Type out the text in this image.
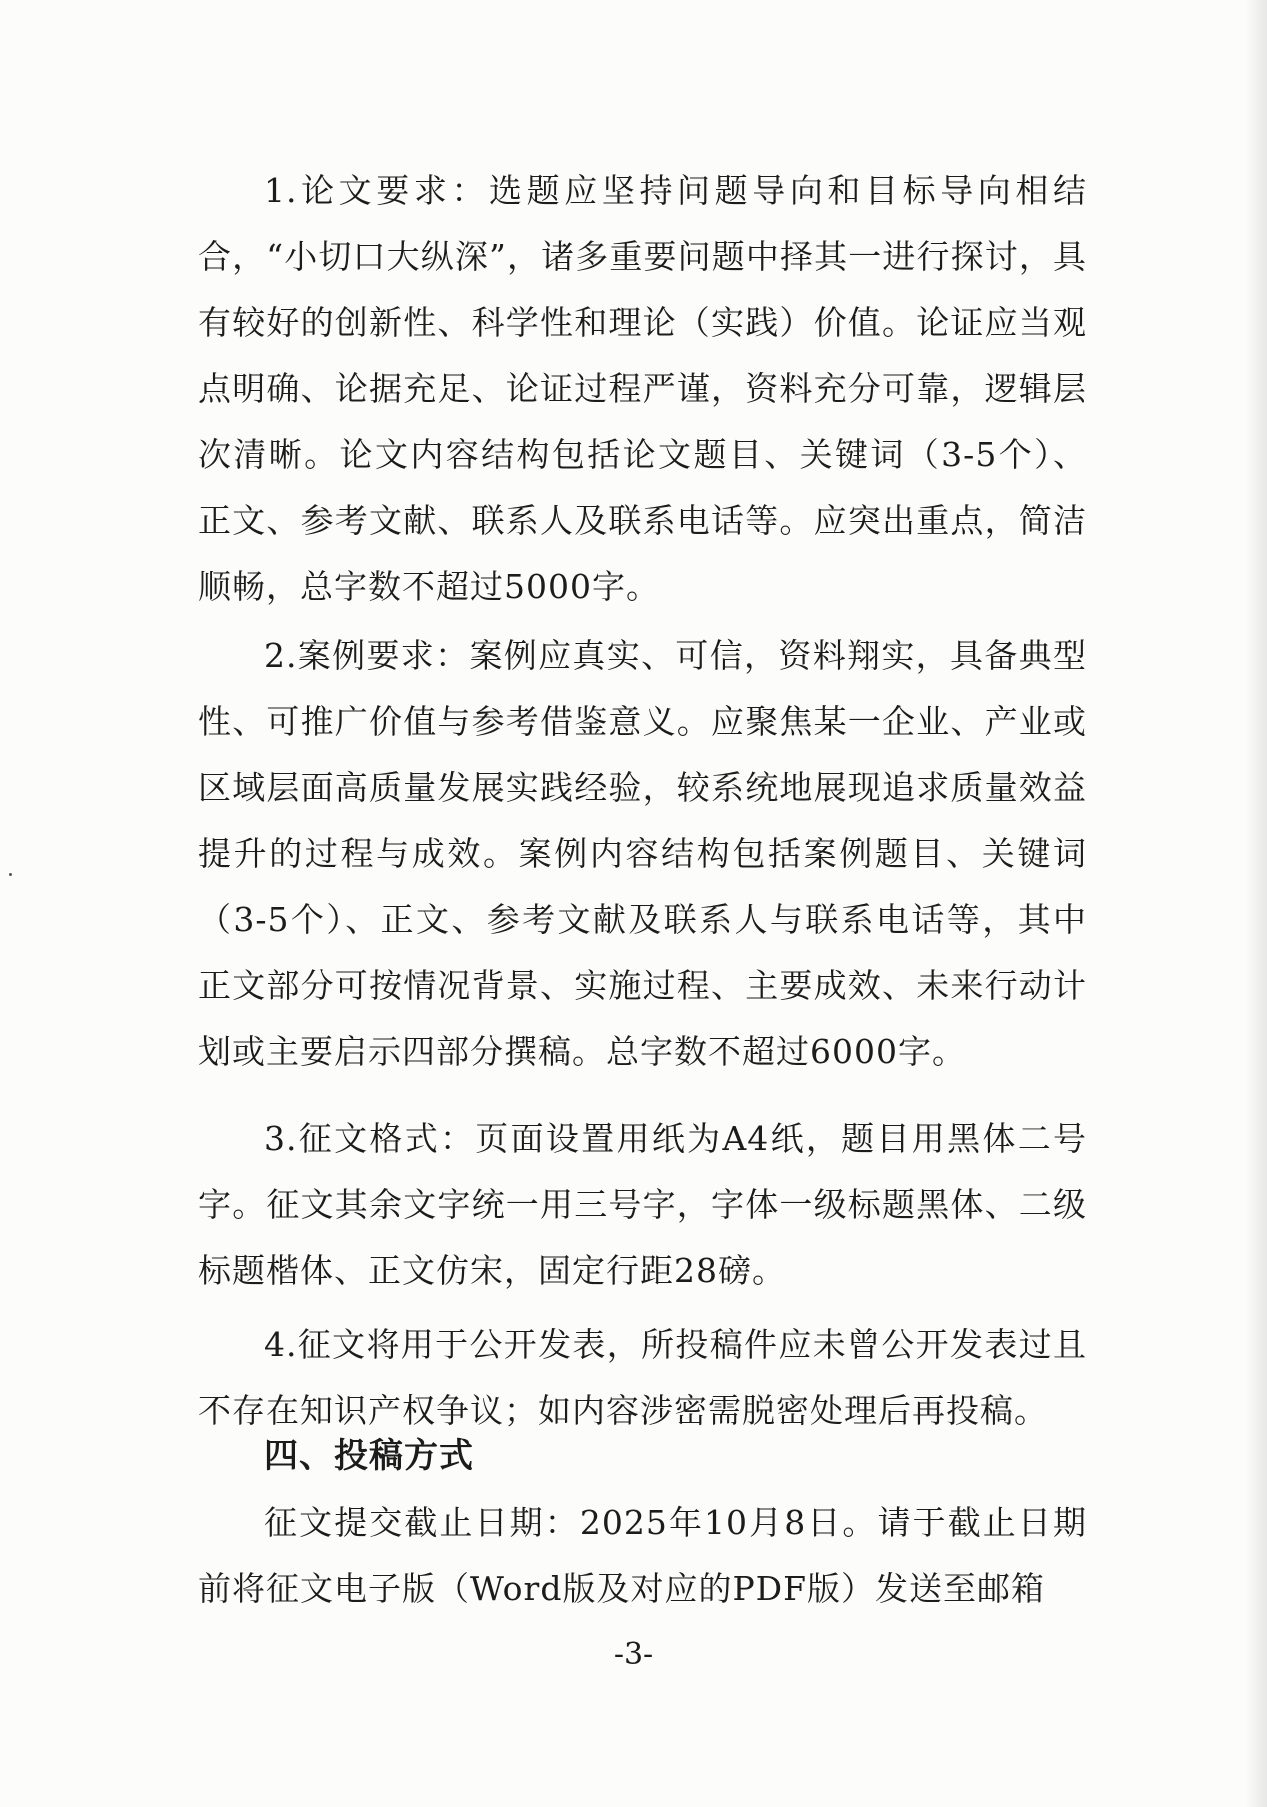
1.论文要求：选题应坚持问题导向和目标导向相结合，“小切口大纵深”，诸多重要问题中择其一进行探讨，具有较好的创新性、科学性和理论（实践）价值。论证应当观点明确、论据充足、论证过程严谨，资料充分可靠，逻辑层次清晰。论文内容结构包括论文题目、关键词（3-5个）、正文、参考文献、联系人及联系电话等。应突出重点，简洁顺畅，总字数不超过5000字。

2.案例要求：案例应真实、可信，资料翔实，具备典型性、可推广价值与参考借鉴意义。应聚焦某一企业、产业或区域层面高质量发展实践经验，较系统地展现追求质量效益提升的过程与成效。案例内容结构包括案例题目、关键词（3-5个）、正文、参考文献及联系人与联系电话等，其中正文部分可按情况背景、实施过程、主要成效、未来行动计划或主要启示四部分撰稿。总字数不超过6000字。

3.征文格式：页面设置用纸为A4纸，题目用黑体二号字。征文其余文字统一用三号字，字体一级标题黑体、二级标题楷体、正文仿宋，固定行距28磅。

4.征文将用于公开发表，所投稿件应未曾公开发表过且不存在知识产权争议；如内容涉密需脱密处理后再投稿。

四、投稿方式

征文提交截止日期：2025年10月8日。请于截止日期前将征文电子版（Word版及对应的PDF版）发送至邮箱

-3-
